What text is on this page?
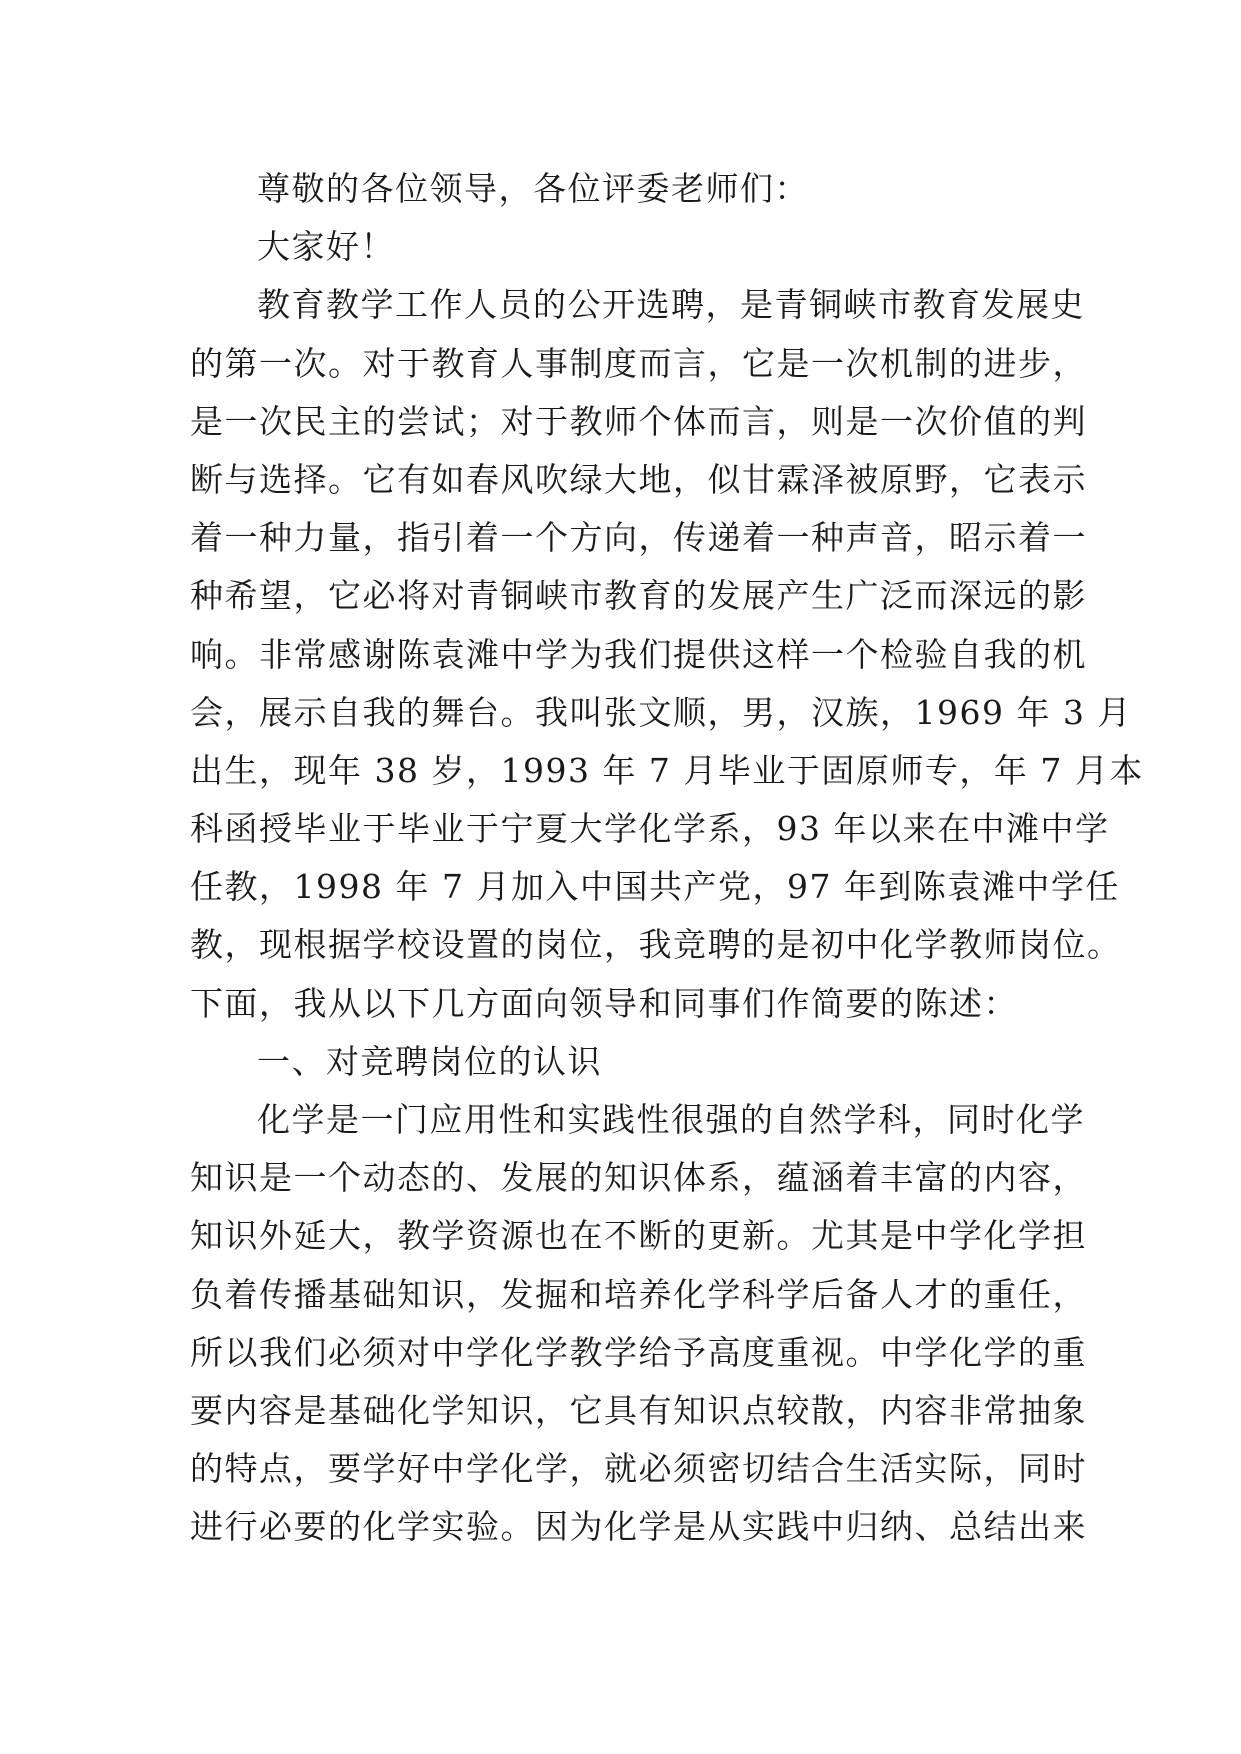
尊敬的各位领导，各位评委老师们：
大家好！
教育教学工作人员的公开选聘，是青铜峡市教育发展史
的第一次。对于教育人事制度而言，它是一次机制的进步，
是一次民主的尝试；对于教师个体而言，则是一次价值的判
断与选择。它有如春风吹绿大地，似甘霖泽被原野，它表示
着一种力量，指引着一个方向，传递着一种声音，昭示着一
种希望，它必将对青铜峡市教育的发展产生广泛而深远的影
响。非常感谢陈袁滩中学为我们提供这样一个检验自我的机
会，展示自我的舞台。我叫张文顺，男，汉族，1969 年 3 月
出生，现年 38 岁，1993 年 7 月毕业于固原师专，年 7 月本
科函授毕业于毕业于宁夏大学化学系，93 年以来在中滩中学
任教，1998 年 7 月加入中国共产党，97 年到陈袁滩中学任
教，现根据学校设置的岗位，我竞聘的是初中化学教师岗位。
下面，我从以下几方面向领导和同事们作简要的陈述：
一、对竞聘岗位的认识
化学是一门应用性和实践性很强的自然学科，同时化学
知识是一个动态的、发展的知识体系，蕴涵着丰富的内容，
知识外延大，教学资源也在不断的更新。尤其是中学化学担
负着传播基础知识，发掘和培养化学科学后备人才的重任，
所以我们必须对中学化学教学给予高度重视。中学化学的重
要内容是基础化学知识，它具有知识点较散，内容非常抽象
的特点，要学好中学化学，就必须密切结合生活实际，同时
进行必要的化学实验。因为化学是从实践中归纳、总结出来
